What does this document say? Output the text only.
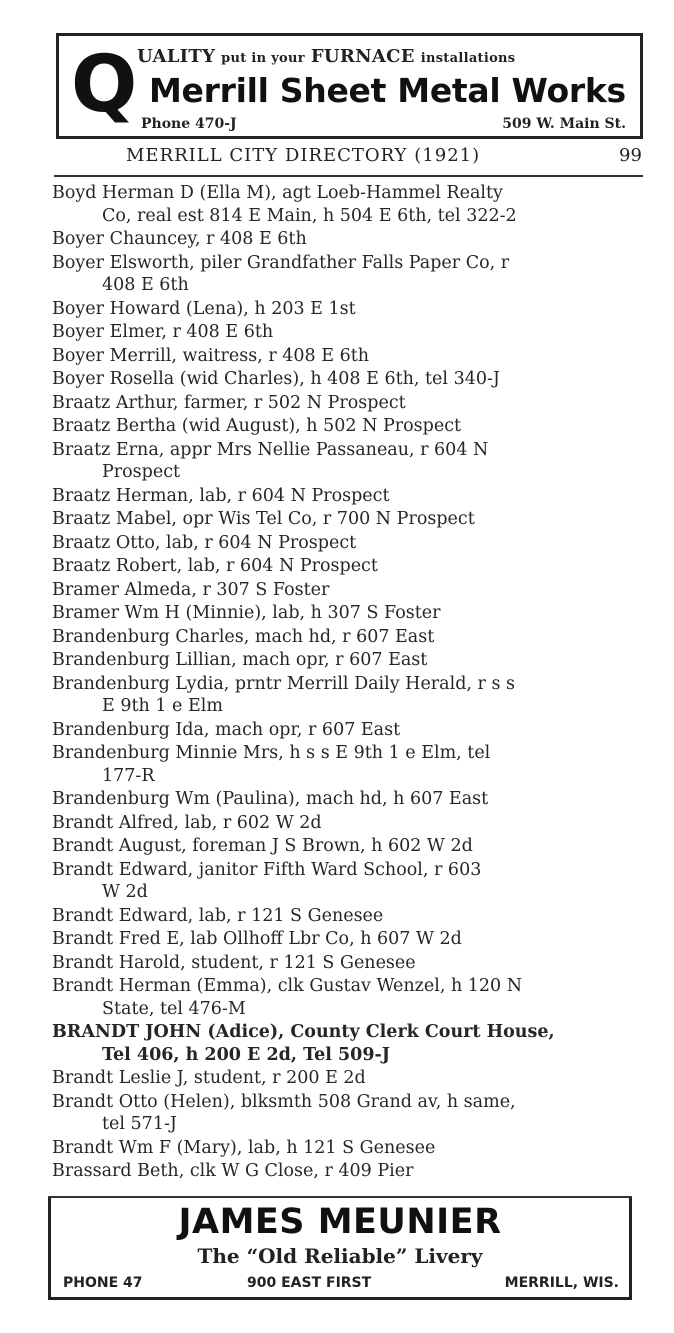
Q UALITY put in your FURNACE installations
Merrill Sheet Metal Works
Phone 470-J	509 W. Main St.
MERRILL CITY DIRECTORY (1921)	99
Boyd Herman D (Ella M), agt Loeb-Hammel Realty
Co, real est 814 E Main, h 504 E 6th, tel 322-2
Boyer Chauncey, r 408 E 6th
Boyer Elsworth, piler Grandfather Falls Paper Co, r
408 E 6th
Boyer Howard (Lena), h 203 E 1st
Boyer Elmer, r 408 E 6th
Boyer Merrill, waitress, r 408 E 6th
Boyer Rosella (wid Charles), h 408 E 6th, tel 340-J
Braatz Arthur, farmer, r 502 N Prospect
Braatz Bertha (wid August), h 502 N Prospect
Braatz Erna, appr Mrs Nellie Passaneau, r 604 N
Prospect
Braatz Herman, lab, r 604 N Prospect
Braatz Mabel, opr Wis Tel Co, r 700 N Prospect
Braatz Otto, lab, r 604 N Prospect
Braatz Robert, lab, r 604 N Prospect
Bramer Almeda, r 307 S Foster
Bramer Wm H (Minnie), lab, h 307 S Foster
Brandenburg Charles, mach hd, r 607 East
Brandenburg Lillian, mach opr, r 607 East
Brandenburg Lydia, prntr Merrill Daily Herald, r s s
E 9th 1 e Elm
Brandenburg Ida, mach opr, r 607 East
Brandenburg Minnie Mrs, h s s E 9th 1 e Elm, tel
177-R
Brandenburg Wm (Paulina), mach hd, h 607 East
Brandt Alfred, lab, r 602 W 2d
Brandt August, foreman J S Brown, h 602 W 2d
Brandt Edward, janitor Fifth Ward School, r 603
W 2d
Brandt Edward, lab, r 121 S Genesee
Brandt Fred E, lab Ollhoff Lbr Co, h 607 W 2d
Brandt Harold, student, r 121 S Genesee
Brandt Herman (Emma), clk Gustav Wenzel, h 120 N
State, tel 476-M
BRANDT JOHN (Adice), County Clerk Court House,
Tel 406, h 200 E 2d, Tel 509-J
Brandt Leslie J, student, r 200 E 2d
Brandt Otto (Helen), blksmth 508 Grand av, h same,
tel 571-J
Brandt Wm F (Mary), lab, h 121 S Genesee
Brassard Beth, clk W G Close, r 409 Pier
JAMES MEUNIER
The “Old Reliable” Livery
PHONE 47	900 EAST FIRST	MERRILL, WIS.
